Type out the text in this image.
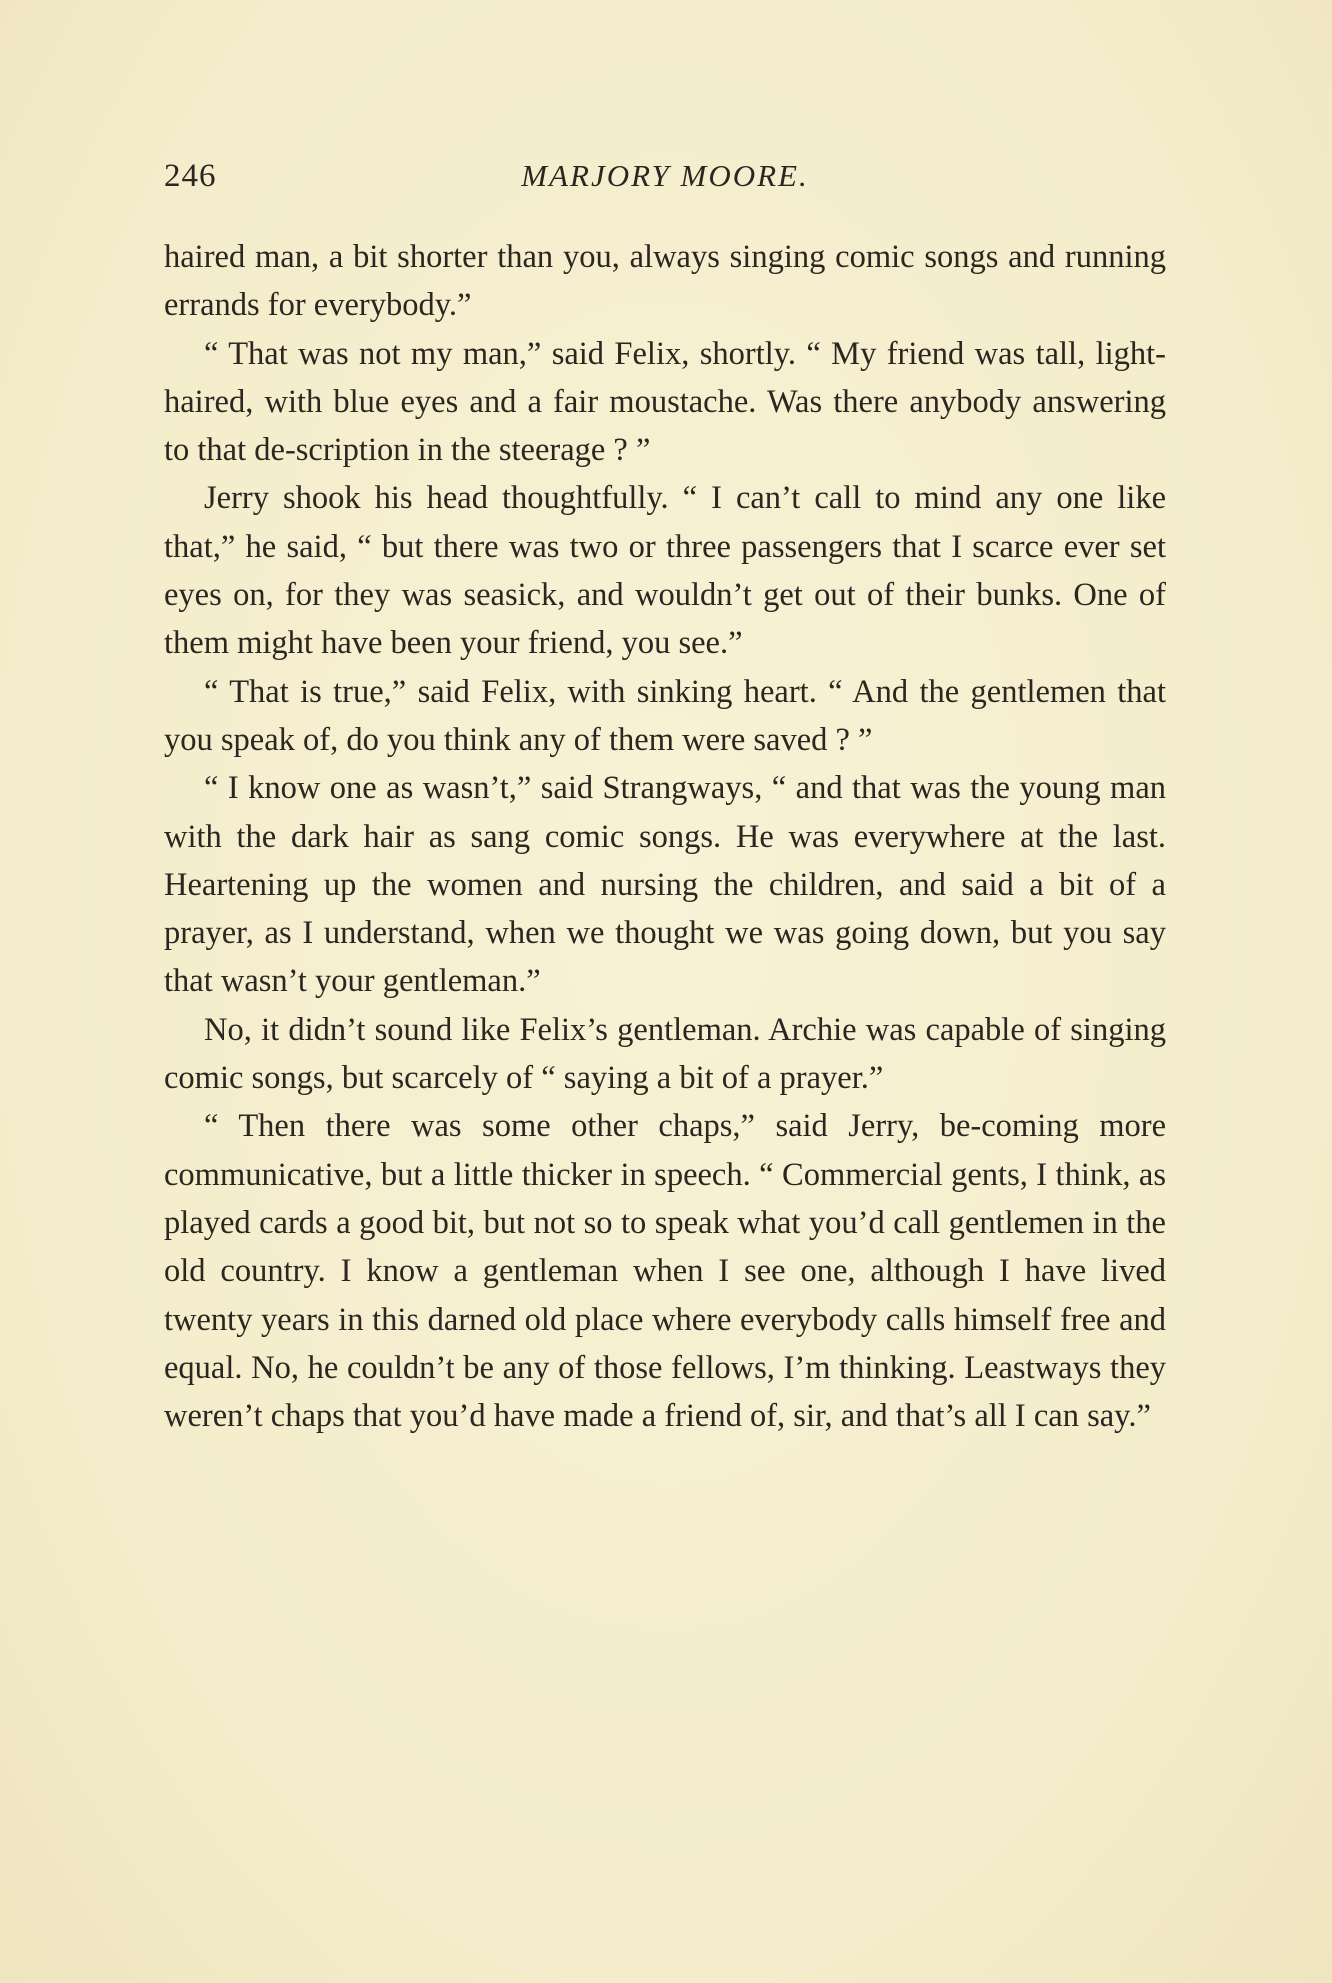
246	MARJORY MOORE.

haired man, a bit shorter than you, always singing comic songs and running errands for everybody.”

“ That was not my man,” said Felix, shortly. “ My friend was tall, light-haired, with blue eyes and a fair moustache. Was there anybody answering to that de-scription in the steerage ? ”

Jerry shook his head thoughtfully. “ I can’t call to mind any one like that,” he said, “ but there was two or three passengers that I scarce ever set eyes on, for they was seasick, and wouldn’t get out of their bunks. One of them might have been your friend, you see.”

“ That is true,” said Felix, with sinking heart. “ And the gentlemen that you speak of, do you think any of them were saved ? ”

“ I know one as wasn’t,” said Strangways, “ and that was the young man with the dark hair as sang comic songs. He was everywhere at the last. Heartening up the women and nursing the children, and said a bit of a prayer, as I understand, when we thought we was going down, but you say that wasn’t your gentleman.”

No, it didn’t sound like Felix’s gentleman. Archie was capable of singing comic songs, but scarcely of “ saying a bit of a prayer.”

“ Then there was some other chaps,” said Jerry, be-coming more communicative, but a little thicker in speech. “ Commercial gents, I think, as played cards a good bit, but not so to speak what you’d call gentlemen in the old country. I know a gentleman when I see one, although I have lived twenty years in this darned old place where everybody calls himself free and equal. No, he couldn’t be any of those fellows, I’m thinking. Leastways they weren’t chaps that you’d have made a friend of, sir, and that’s all I can say.”
